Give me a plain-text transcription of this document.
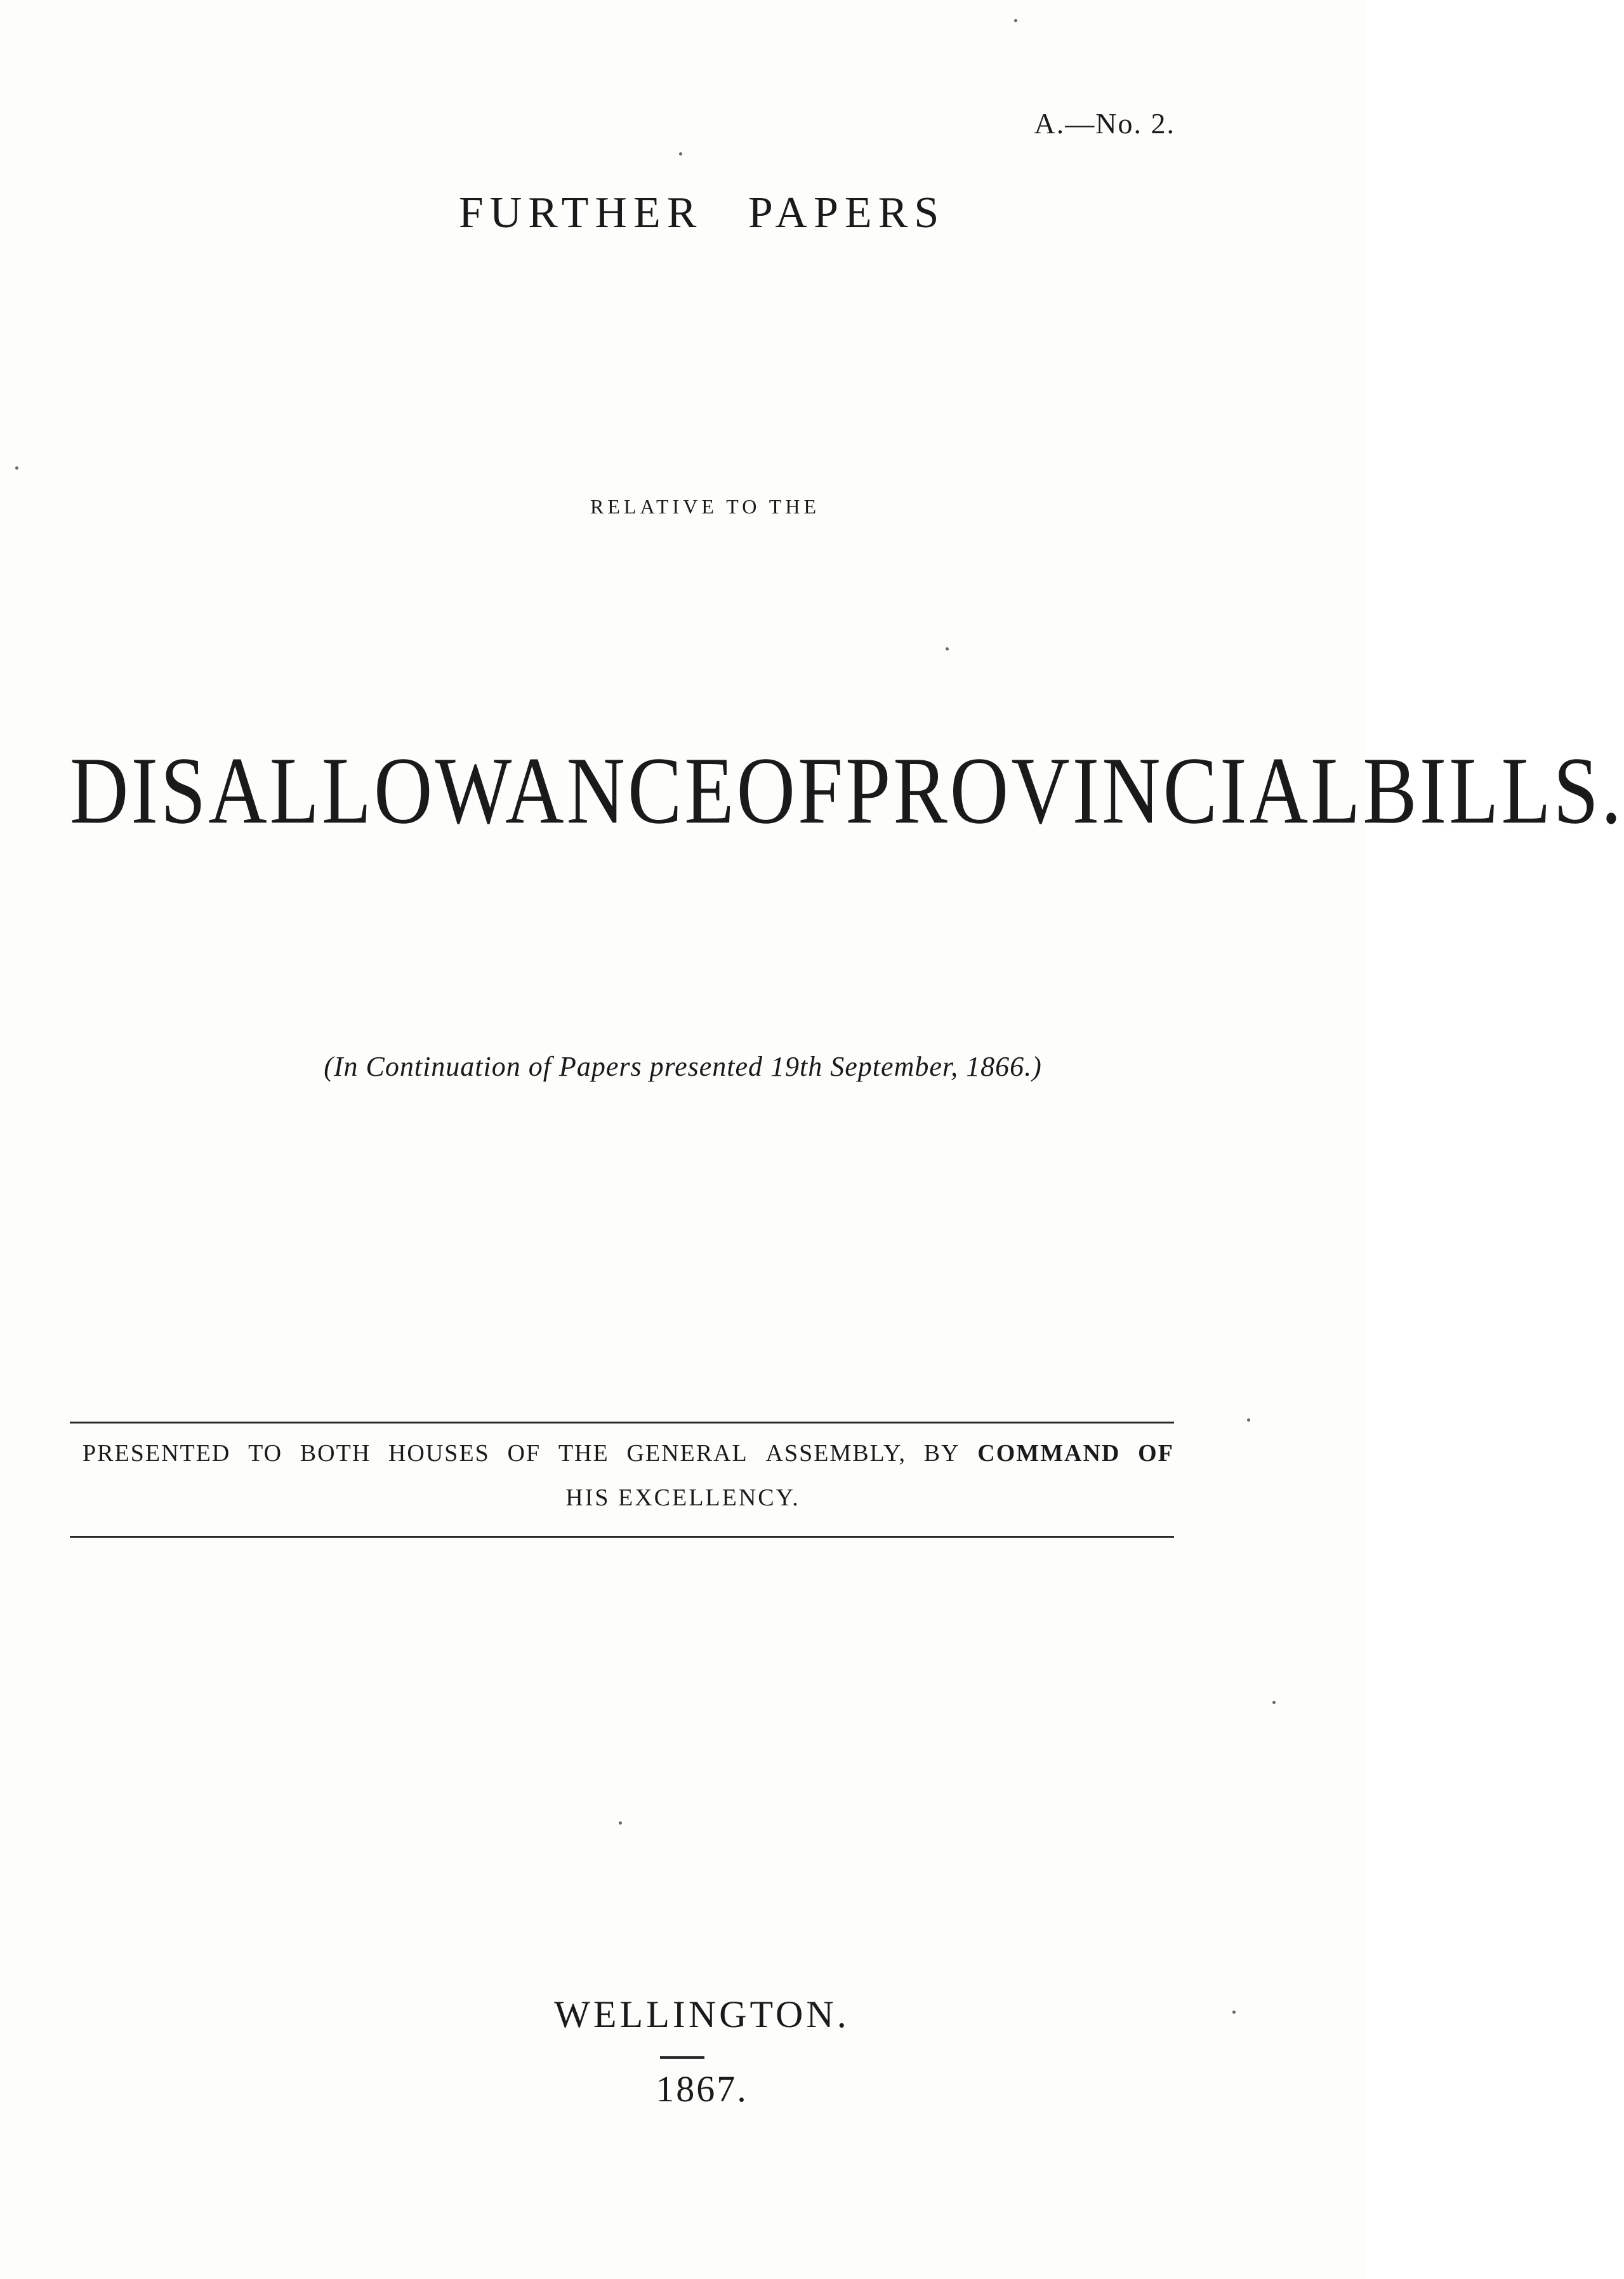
A.—No. 2.
FURTHER PAPERS
RELATIVE TO THE
DISALLOWANCE OF PROVINCIAL BILLS.
(In Continuation of Papers presented 19th September, 1866.)
PRESENTED TO BOTH HOUSES OF THE GENERAL ASSEMBLY, BY COMMAND OF
HIS EXCELLENCY.
WELLINGTON.
1867.
